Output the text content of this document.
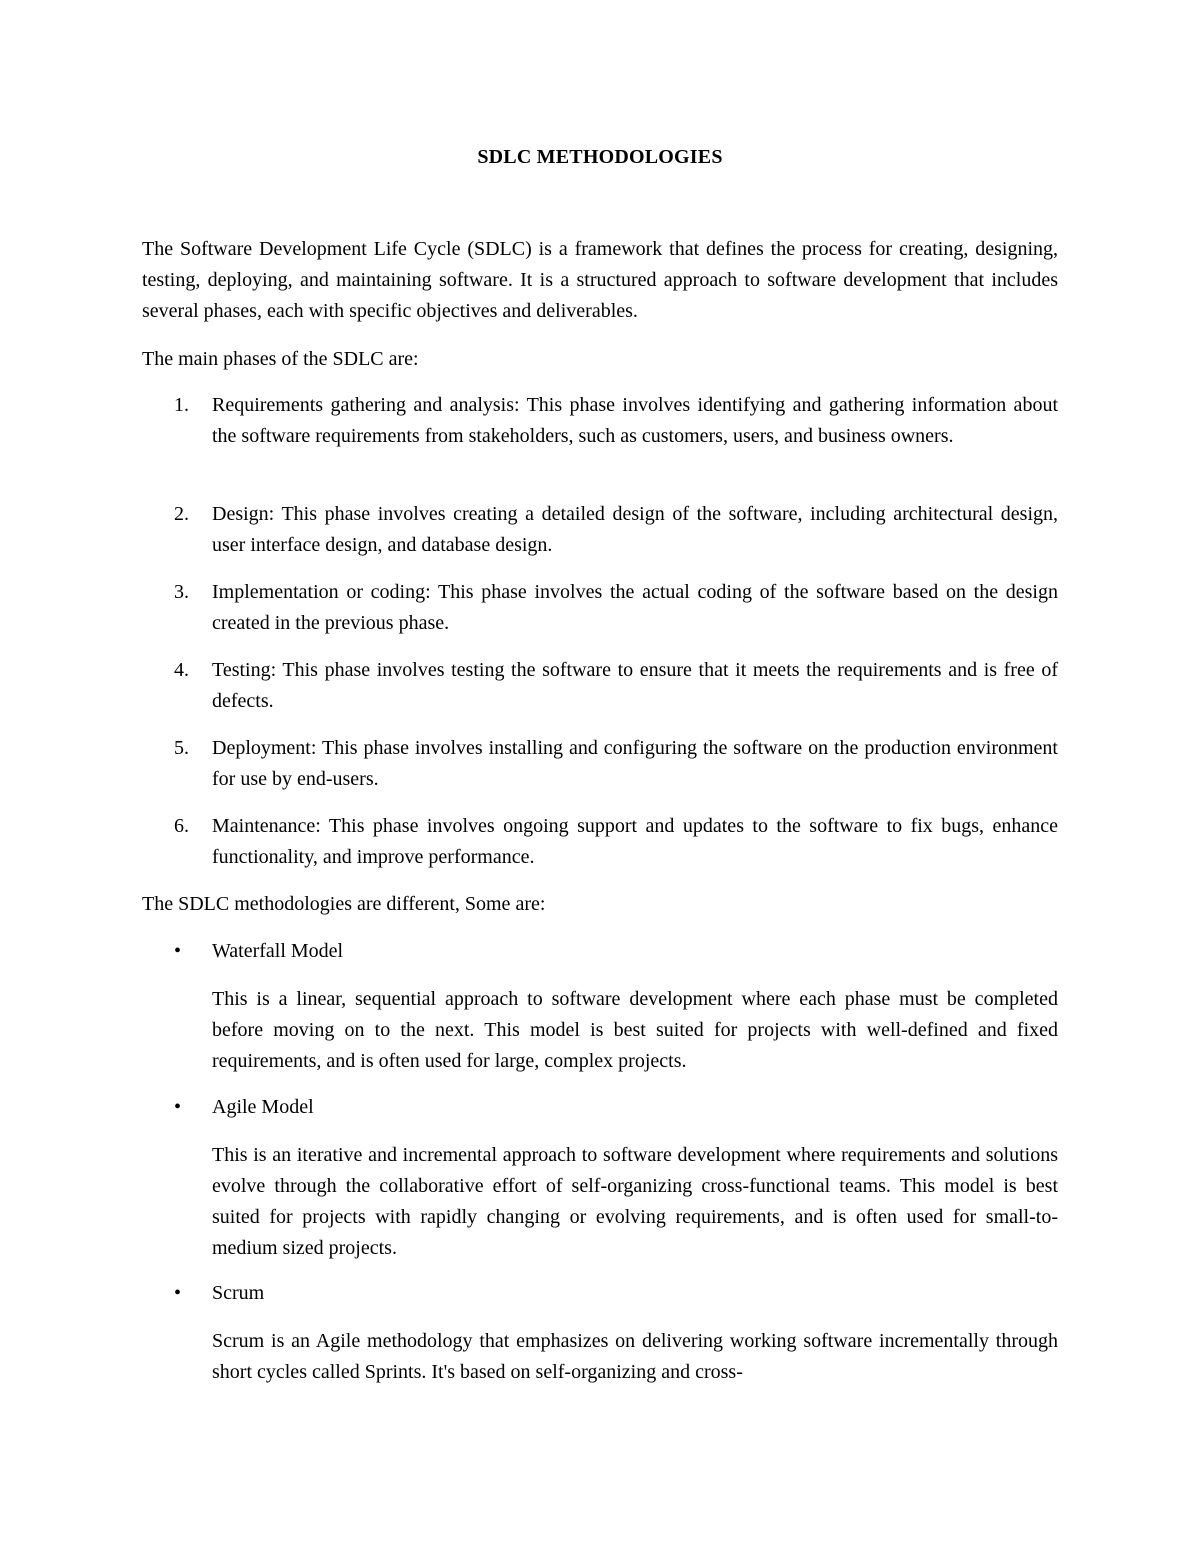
SDLC METHODOLOGIES

The Software Development Life Cycle (SDLC) is a framework that defines the process for creating, designing, testing, deploying, and maintaining software. It is a structured approach to software development that includes several phases, each with specific objectives and deliverables.

The main phases of the SDLC are:

1.	Requirements gathering and analysis: This phase involves identifying and gathering information about the software requirements from stakeholders, such as customers, users, and business owners.

2.	Design: This phase involves creating a detailed design of the software, including architectural design, user interface design, and database design.

3.	Implementation or coding: This phase involves the actual coding of the software based on the design created in the previous phase.

4.	Testing: This phase involves testing the software to ensure that it meets the requirements and is free of defects.

5.	Deployment: This phase involves installing and configuring the software on the production environment for use by end-users.

6.	Maintenance: This phase involves ongoing support and updates to the software to fix bugs, enhance functionality, and improve performance.

The SDLC methodologies are different, Some are:

•	Waterfall Model

This is a linear, sequential approach to software development where each phase must be completed before moving on to the next. This model is best suited for projects with well-defined and fixed requirements, and is often used for large, complex projects.

•	Agile Model

This is an iterative and incremental approach to software development where requirements and solutions evolve through the collaborative effort of self-organizing cross-functional teams. This model is best suited for projects with rapidly changing or evolving requirements, and is often used for small-to-medium sized projects.

•	Scrum

Scrum is an Agile methodology that emphasizes on delivering working software incrementally through short cycles called Sprints. It's based on self-organizing and cross-
